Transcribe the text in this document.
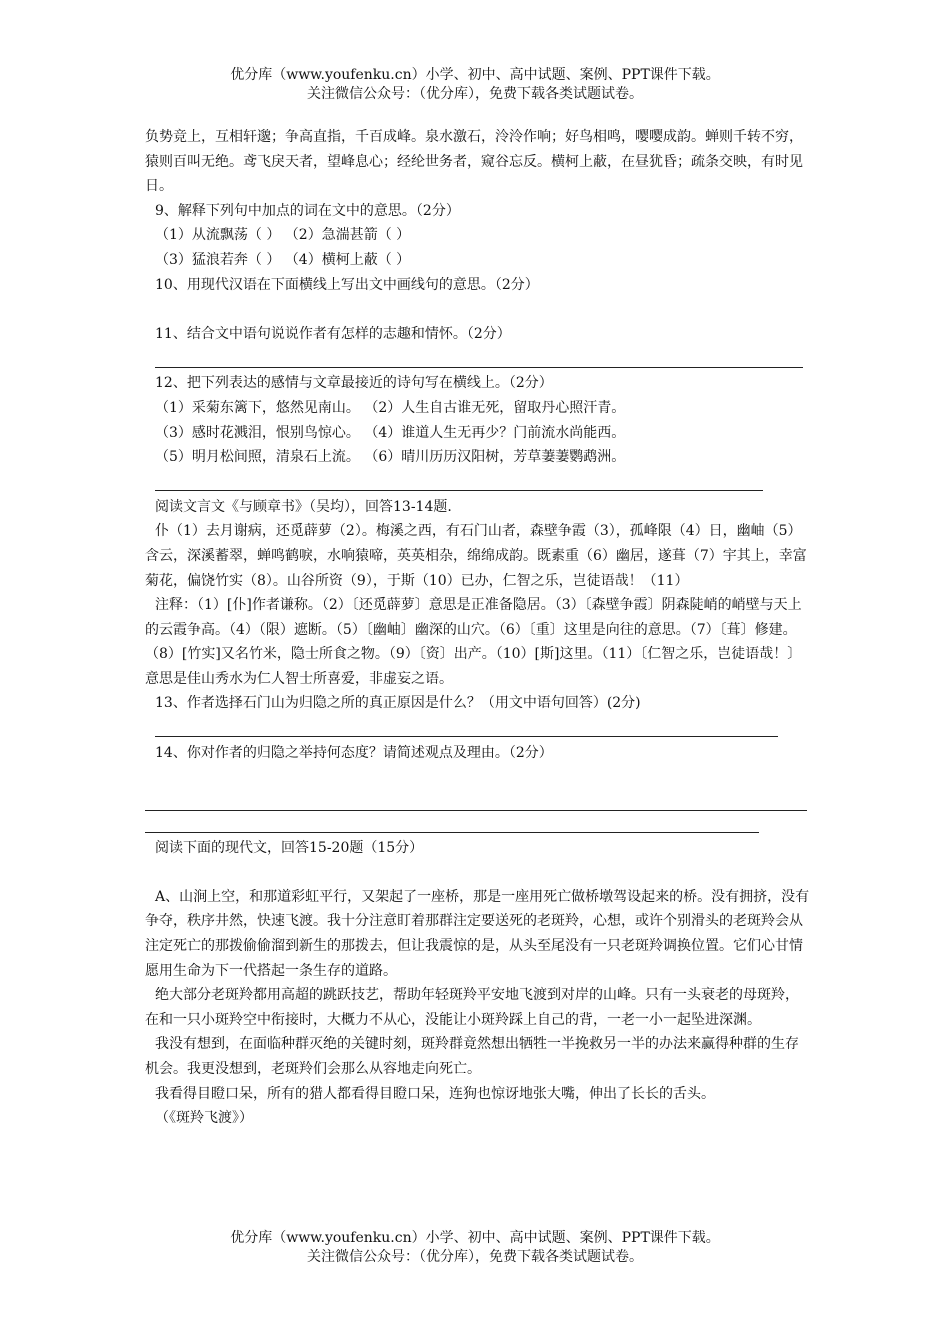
优分库（www.youfenku.cn）小学、初中、高中试题、案例、PPT课件下载。
关注微信公众号：（优分库），免费下载各类试题试卷。

负势竞上，互相轩邈；争高直指，千百成峰。泉水激石，泠泠作响；好鸟相鸣，嘤嘤成韵。蝉则千转不穷，猿则百叫无绝。鸢飞戾天者，望峰息心；经纶世务者，窥谷忘反。横柯上蔽，在昼犹昏；疏条交映，有时见日。

9、解释下列句中加点的词在文中的意思。（2分）

（1）从流飘荡（ ） （2）急湍甚箭（ ）

（3）猛浪若奔（ ） （4）横柯上蔽（ ）

10、用现代汉语在下面横线上写出文中画线句的意思。（2分）

11、结合文中语句说说作者有怎样的志趣和情怀。（2分）

12、把下列表达的感情与文章最接近的诗句写在横线上。（2分）

（1）采菊东篱下，悠然见南山。 （2）人生自古谁无死，留取丹心照汗青。

（3）感时花溅泪，恨别鸟惊心。 （4）谁道人生无再少？门前流水尚能西。

（5）明月松间照，清泉石上流。 （6）晴川历历汉阳树，芳草萋萋鹦鹉洲。

阅读文言文《与顾章书》（吴均），回答13-14题.

仆（1）去月谢病，还觅薜萝（2）。梅溪之西，有石门山者，森壁争霞（3），孤峰限（4）日，幽岫（5）含云，深溪蓄翠，蝉鸣鹤唳，水响猿啼，英英相杂，绵绵成韵。既素重（6）幽居，遂葺（7）宇其上，幸富菊花，偏饶竹实（8）。山谷所资（9），于斯（10）已办，仁智之乐，岂徒语哉！（11）

注释：（1）[仆]作者谦称。（2）〔还觅薜萝〕意思是正准备隐居。（3）〔森壁争霞〕阴森陡峭的峭壁与天上的云霞争高。（4）（限）遮断。（5）〔幽岫〕幽深的山穴。（6）〔重〕这里是向往的意思。（7）〔葺〕修建。（8）[竹实]又名竹米，隐士所食之物。（9）〔资〕出产。（10）[斯]这里。（11）〔仁智之乐，岂徒语哉！〕意思是佳山秀水为仁人智士所喜爱，非虚妄之语。

13、作者选择石门山为归隐之所的真正原因是什么？（用文中语句回答）(2分)

14、你对作者的归隐之举持何态度？请简述观点及理由。（2分）

阅读下面的现代文，回答15-20题（15分）

A、山涧上空，和那道彩虹平行，又架起了一座桥，那是一座用死亡做桥墩驾设起来的桥。没有拥挤，没有争夺，秩序井然，快速飞渡。我十分注意盯着那群注定要送死的老斑羚，心想，或许个别滑头的老斑羚会从注定死亡的那拨偷偷溜到新生的那拨去，但让我震惊的是，从头至尾没有一只老斑羚调换位置。它们心甘情愿用生命为下一代搭起一条生存的道路。

绝大部分老斑羚都用高超的跳跃技艺，帮助年轻斑羚平安地飞渡到对岸的山峰。只有一头衰老的母斑羚，在和一只小斑羚空中衔接时，大概力不从心，没能让小斑羚踩上自己的背，一老一小一起坠进深渊。

我没有想到，在面临种群灭绝的关键时刻，斑羚群竟然想出牺牲一半挽救另一半的办法来赢得种群的生存机会。我更没想到，老斑羚们会那么从容地走向死亡。

我看得目瞪口呆，所有的猎人都看得目瞪口呆，连狗也惊讶地张大嘴，伸出了长长的舌头。

（《斑羚飞渡》）

优分库（www.youfenku.cn）小学、初中、高中试题、案例、PPT课件下载。
关注微信公众号：（优分库），免费下载各类试题试卷。
